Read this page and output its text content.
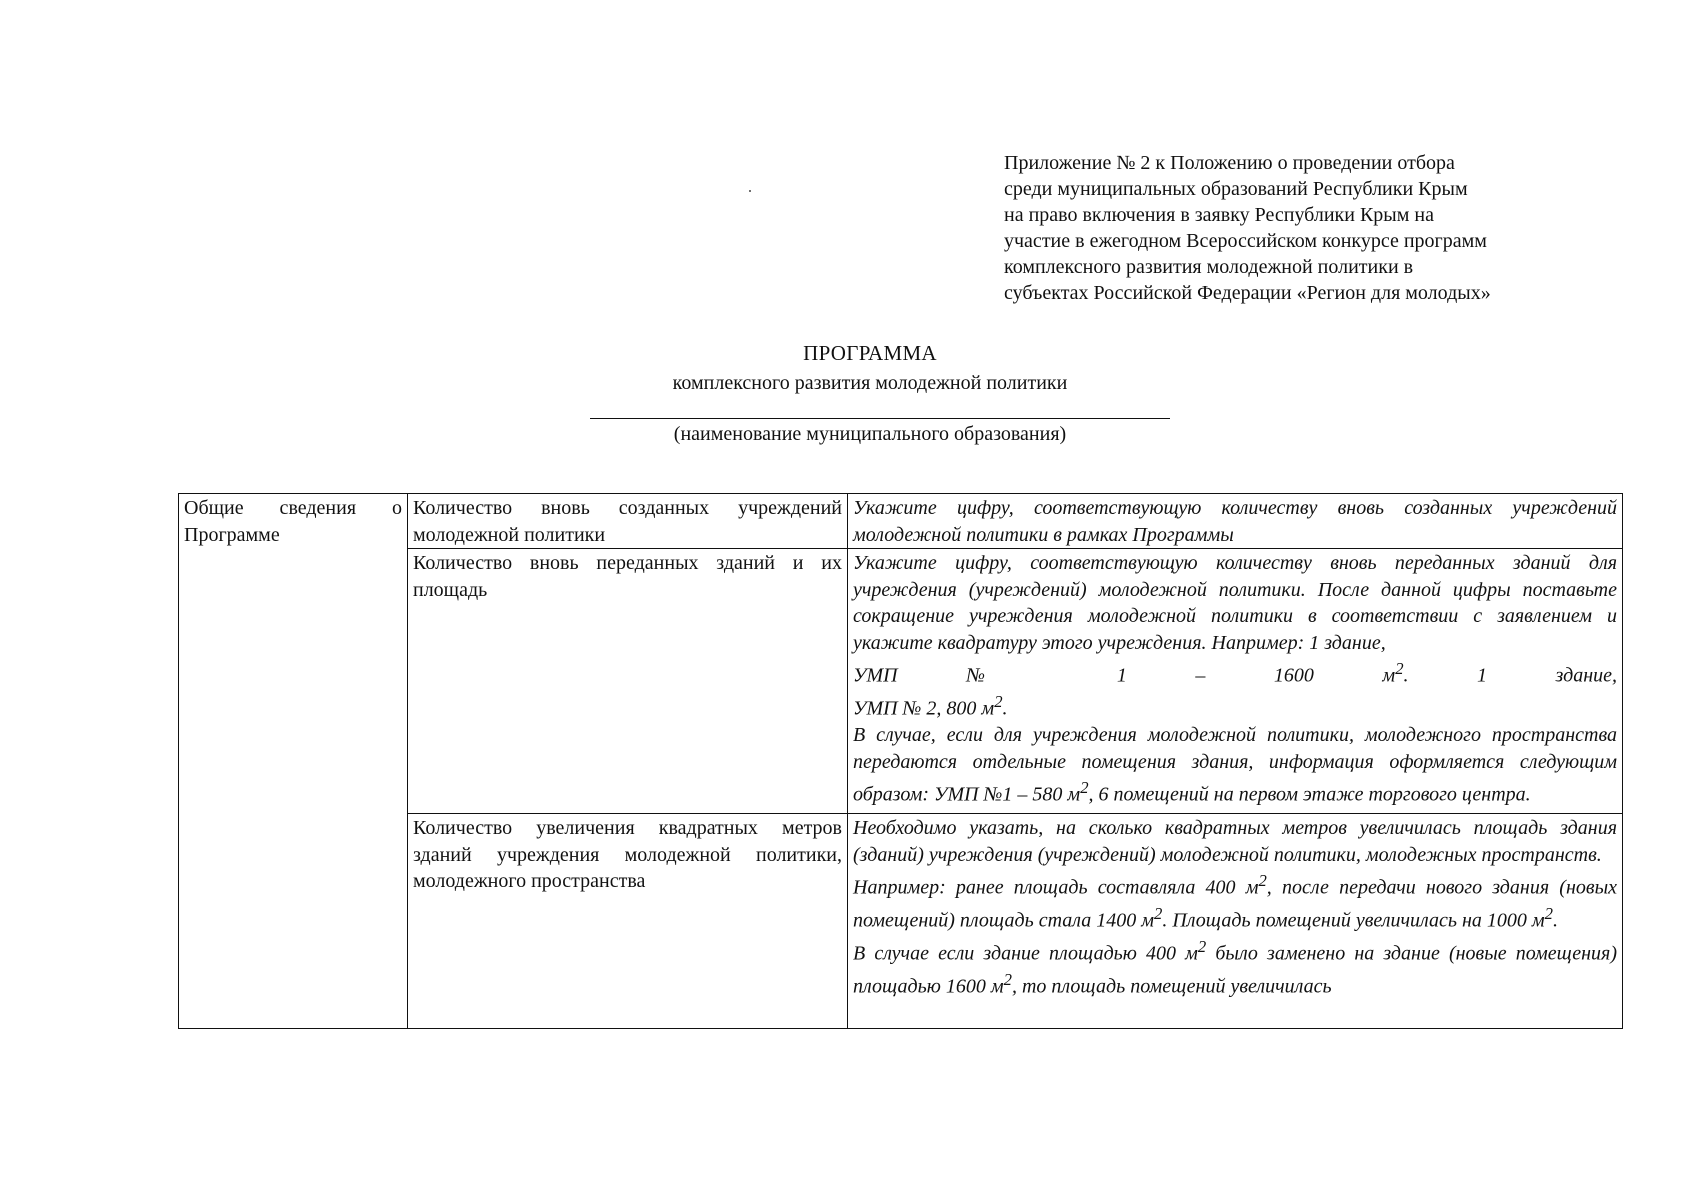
Приложение № 2 к Положению о проведении отбора
среди муниципальных образований Республики Крым
на право включения в заявку Республики Крым на
участие в ежегодном Всероссийском конкурсе программ
комплексного развития молодежной политики в
субъектах Российской Федерации «Регион для молодых»
ПРОГРАММА
комплексного развития молодежной политики
(наименование муниципального образования)
Общие сведения о Программе	Количество вновь созданных учреждений молодежной политики	Укажите цифру, соответствующую количеству вновь созданных учреждений молодежной политики в рамках Программы

	Количество вновь переданных зданий и их площадь	Укажите цифру, соответствующую количеству вновь переданных зданий для учреждения (учреждений) молодежной политики. После данной цифры поставьте сокращение учреждения молодежной политики в соответствии с заявлением и укажите квадратуру этого учреждения. Например: 1 здание,
УМП № 1 – 1600 $м^2$. 1 здание,
УМП № 2, 800 $м^2$.
В случае, если для учреждения молодежной политики, молодежного пространства передаются отдельные помещения здания, информация оформляется следующим образом: УМП №1 – 580 $м^2$, 6 помещений на первом этаже торгового центра.

	Количество увеличения квадратных метров зданий учреждения молодежной политики, молодежного пространства	Необходимо указать, на сколько квадратных метров увеличилась площадь здания (зданий) учреждения (учреждений) молодежной политики, молодежных пространств.
Например: ранее площадь составляла 400 $м^2$, после передачи нового здания (новых помещений) площадь стала 1400 $м^2$. Площадь помещений увеличилась на 1000 $м^2$.
В случае если здание площадью 400 $м^2$ было заменено на здание (новые помещения) площадью 1600 $м^2$, то площадь помещений увеличилась
